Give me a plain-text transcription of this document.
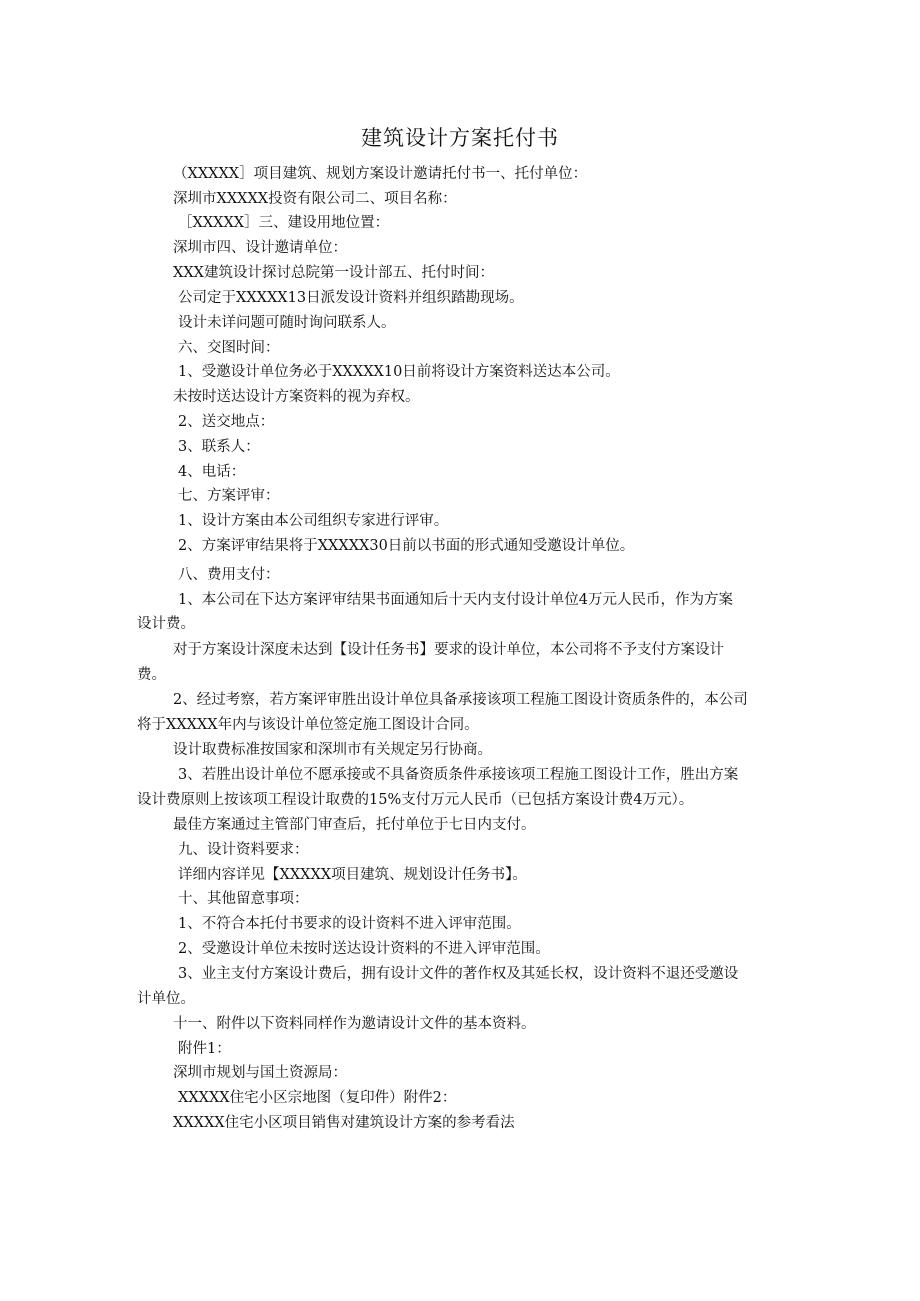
建筑设计方案托付书
（XXXXX］项目建筑、规划方案设计邀请托付书一、托付单位：
深圳市XXXXX投资有限公司二、项目名称：
［XXXXX］三、建设用地位置：
深圳市四、设计邀请单位：
XXX建筑设计探讨总院第一设计部五、托付时间：
公司定于XXXXX13日派发设计资料并组织踏勘现场。
设计未详问题可随时询问联系人。
六、交图时间：
1、受邀设计单位务必于XXXXX10日前将设计方案资料送达本公司。
未按时送达设计方案资料的视为弃权。
2、送交地点：
3、联系人：
4、电话：
七、方案评审：
1、设计方案由本公司组织专家进行评审。
2、方案评审结果将于XXXXX30日前以书面的形式通知受邀设计单位。
八、费用支付：
1、本公司在下达方案评审结果书面通知后十天内支付设计单位4万元人民币，作为方案
设计费。
对于方案设计深度未达到【设计任务书】要求的设计单位，本公司将不予支付方案设计
费。
2、经过考察，若方案评审胜出设计单位具备承接该项工程施工图设计资质条件的，本公司
将于XXXXX年内与该设计单位签定施工图设计合同。
设计取费标准按国家和深圳市有关规定另行协商。
3、若胜出设计单位不愿承接或不具备资质条件承接该项工程施工图设计工作，胜出方案
设计费原则上按该项工程设计取费的15%支付万元人民币（已包括方案设计费4万元）。
最佳方案通过主管部门审查后，托付单位于七日内支付。
九、设计资料要求：
详细内容详见【XXXXX项目建筑、规划设计任务书】。
十、其他留意事项：
1、不符合本托付书要求的设计资料不进入评审范围。
2、受邀设计单位未按时送达设计资料的不进入评审范围。
3、业主支付方案设计费后，拥有设计文件的著作权及其延长权，设计资料不退还受邀设
计单位。
十一、附件以下资料同样作为邀请设计文件的基本资料。
附件1：
深圳市规划与国土资源局：
XXXXX住宅小区宗地图（复印件）附件2：
XXXXX住宅小区项目销售对建筑设计方案的参考看法
